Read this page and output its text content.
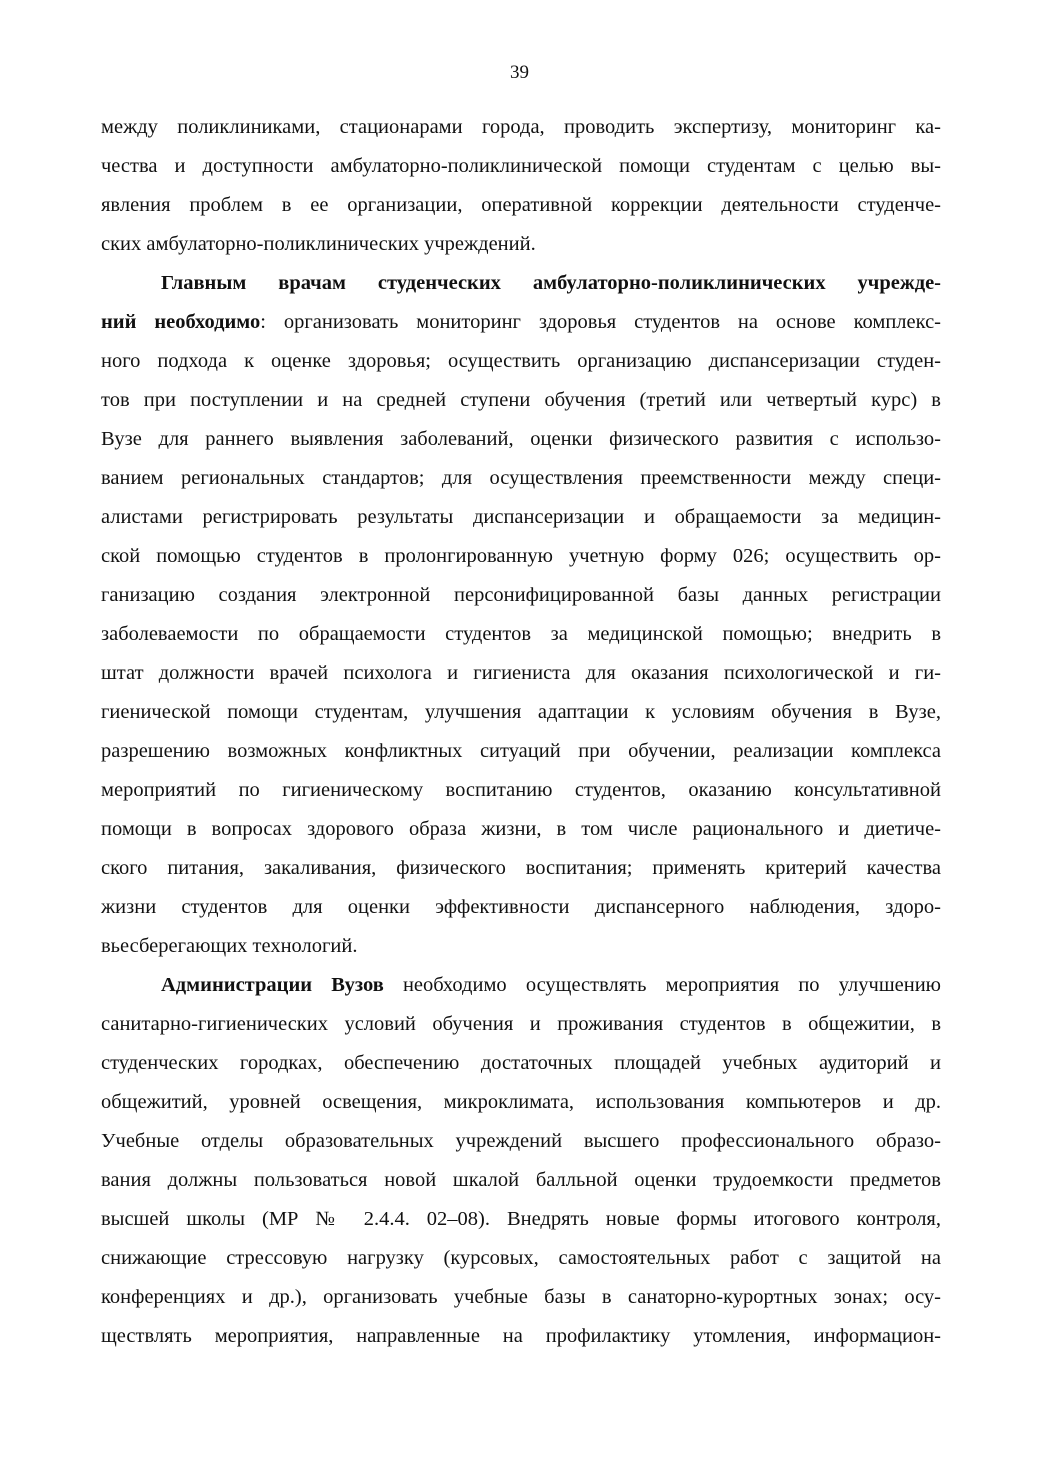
39
между поликлиниками, стационарами города, проводить экспертизу, мониторинг ка-
чества и доступности амбулаторно-поликлинической помощи студентам с целью вы-
явления проблем в ее организации, оперативной коррекции деятельности студенче-
ских амбулаторно-поликлинических учреждений.
Главным врачам студенческих амбулаторно-поликлинических учрежде-
ний необходимо: организовать мониторинг здоровья студентов на основе комплекс-
ного подхода к оценке здоровья; осуществить организацию диспансеризации студен-
тов при поступлении и на средней ступени обучения (третий или четвертый курс) в
Вузе для раннего выявления заболеваний, оценки физического развития с использо-
ванием региональных стандартов; для осуществления преемственности между специ-
алистами регистрировать результаты диспансеризации и обращаемости за медицин-
ской помощью студентов в пролонгированную учетную форму 026; осуществить ор-
ганизацию создания электронной персонифицированной базы данных регистрации
заболеваемости по обращаемости студентов за медицинской помощью; внедрить в
штат должности врачей психолога и гигиениста для оказания психологической и ги-
гиенической помощи студентам, улучшения адаптации к условиям обучения в Вузе,
разрешению возможных конфликтных ситуаций при обучении, реализации комплекса
мероприятий по гигиеническому воспитанию студентов, оказанию консультативной
помощи в вопросах здорового образа жизни, в том числе рационального и диетиче-
ского питания, закаливания, физического воспитания; применять критерий качества
жизни студентов для оценки эффективности диспансерного наблюдения, здоро-
вьесберегающих технологий.
Администрации Вузов необходимо осуществлять мероприятия по улучшению
санитарно-гигиенических условий обучения и проживания студентов в общежитии, в
студенческих городках, обеспечению достаточных площадей учебных аудиторий и
общежитий, уровней освещения, микроклимата, использования компьютеров и др.
Учебные отделы образовательных учреждений высшего профессионального образо-
вания должны пользоваться новой шкалой балльной оценки трудоемкости предметов
высшей школы (МР № 2.4.4. 02–08). Внедрять новые формы итогового контроля,
снижающие стрессовую нагрузку (курсовых, самостоятельных работ с защитой на
конференциях и др.), организовать учебные базы в санаторно-курортных зонах; осу-
ществлять мероприятия, направленные на профилактику утомления, информацион-
